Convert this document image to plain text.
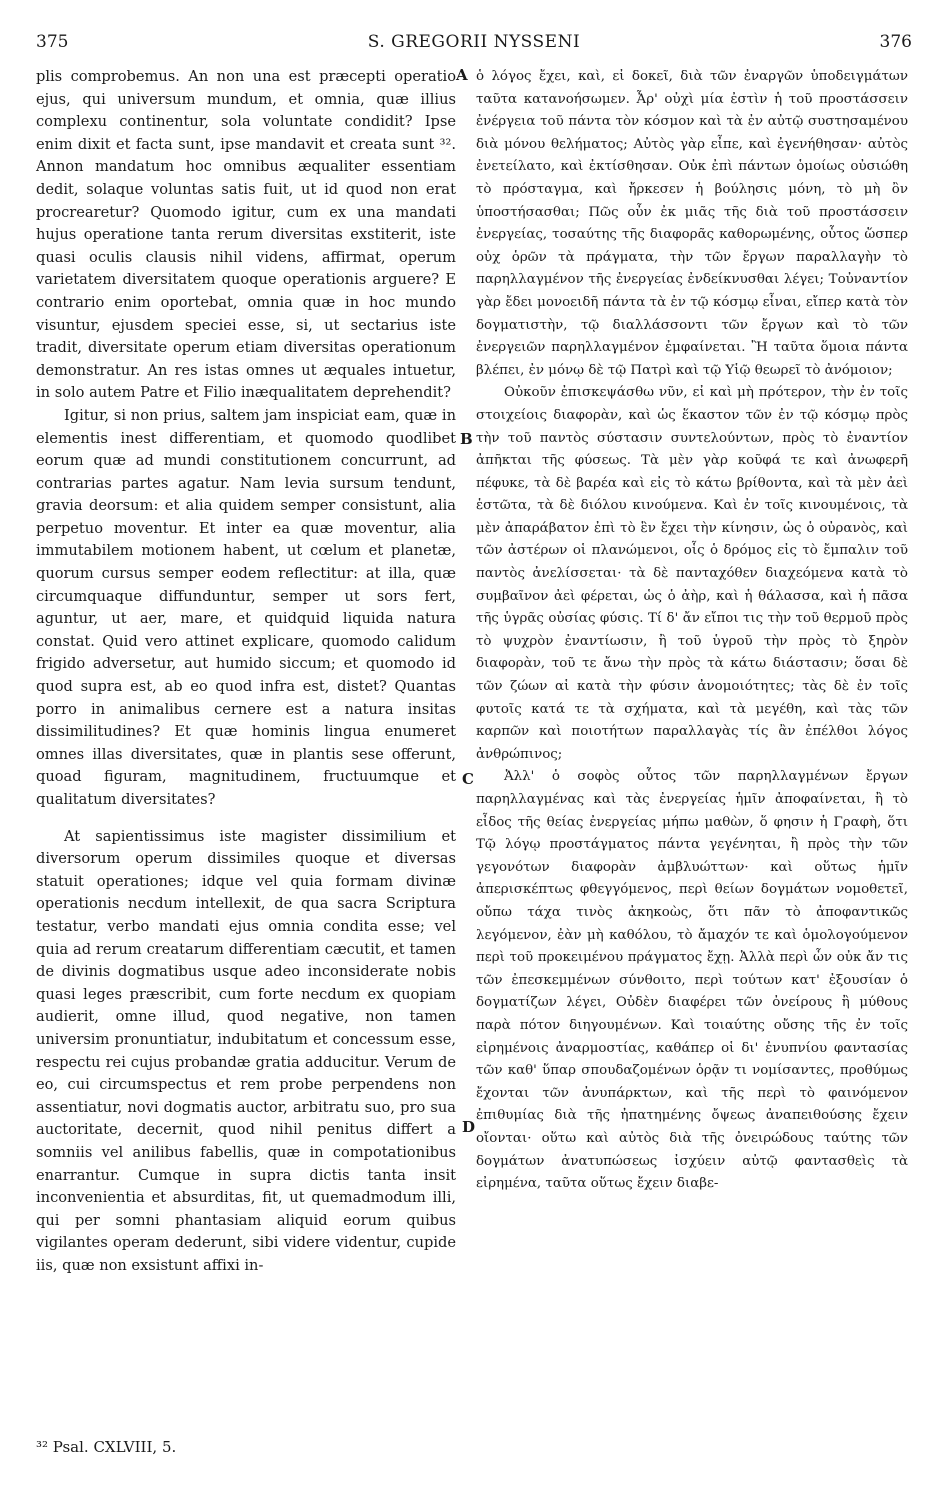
375	S. GREGORII NYSSENI	376

plis comprobemus. An non una est præcepti operatio ejus, qui universum mundum, et omnia, quæ illius complexu continentur, sola voluntate condidit? Ipse enim dixit et facta sunt, ipse mandavit et creata sunt ³². Annon mandatum hoc omnibus æqualiter essentiam dedit, solaque voluntas satis fuit, ut id quod non erat procrearetur? Quomodo igitur, cum ex una mandati hujus operatione tanta rerum diversitas exstiterit, iste quasi oculis clausis nihil videns, affirmat, operum varietatem diversitatem quoque operationis arguere? E contrario enim oportebat, omnia quæ in hoc mundo visuntur, ejusdem speciei esse, si, ut sectarius iste tradit, diversitate operum etiam diversitas operationum demonstratur. An res istas omnes ut æquales intuetur, in solo autem Patre et Filio inæqualitatem deprehendit?

Igitur, si non prius, saltem jam inspiciat eam, quæ in elementis inest differentiam, et quomodo quodlibet eorum quæ ad mundi constitutionem concurrunt, ad contrarias partes agatur. Nam levia sursum tendunt, gravia deorsum: et alia quidem semper consistunt, alia perpetuo moventur. Et inter ea quæ moventur, alia immutabilem motionem habent, ut cœlum et planetæ, quorum cursus semper eodem reflectitur: at illa, quæ circumquaque diffunduntur, semper ut sors fert, aguntur, ut aer, mare, et quidquid liquida natura constat. Quid vero attinet explicare, quomodo calidum frigido adversetur, aut humido siccum; et quomodo id quod supra est, ab eo quod infra est, distet? Quantas porro in animalibus cernere est a natura insitas dissimilitudines? Et quæ hominis lingua enumeret omnes illas diversitates, quæ in plantis sese offerunt, quoad figuram, magnitudinem, fructuumque et qualitatum diversitates?

At sapientissimus iste magister dissimilium et diversorum operum dissimiles quoque et diversas statuit operationes; idque vel quia formam divinæ operationis necdum intellexit, de qua sacra Scriptura testatur, verbo mandati ejus omnia condita esse; vel quia ad rerum creatarum differentiam cæcutit, et tamen de divinis dogmatibus usque adeo inconsiderate nobis quasi leges præscribit, cum forte necdum ex quopiam audierit, omne illud, quod negative, non tamen universim pronuntiatur, indubitatum et concessum esse, respectu rei cujus probandæ gratia adducitur. Verum de eo, cui circumspectus et rem probe perpendens non assentiatur, novi dogmatis auctor, arbitratu suo, pro sua auctoritate, decernit, quod nihil penitus differt a somniis vel anilibus fabellis, quæ in compotationibus enarrantur. Cumque in supra dictis tanta insit inconvenientia et absurditas, fit, ut quemadmodum illi, qui per somni phantasiam aliquid eorum quibus vigilantes operam dederunt, sibi videre videntur, cupide iis, quæ non exsistunt affixi in-

A
B
C
D

ὁ λόγος ἔχει, καὶ, εἰ δοκεῖ, διὰ τῶν ἐναργῶν ὑποδειγμάτων ταῦτα κατανοήσωμεν. Ἆρ' οὐχὶ μία ἐστὶν ἡ τοῦ προστάσσειν ἐνέργεια τοῦ πάντα τὸν κόσμον καὶ τὰ ἐν αὐτῷ συστησαμένου διὰ μόνου θελήματος; Αὐτὸς γὰρ εἶπε, καὶ ἐγενήθησαν· αὐτὸς ἐνετείλατο, καὶ ἐκτίσθησαν. Οὐκ ἐπὶ πάντων ὁμοίως οὐσιώθη τὸ πρόσταγμα, καὶ ἤρκεσεν ἡ βούλησις μόνη, τὸ μὴ ὂν ὑποστήσασθαι; Πῶς οὖν ἐκ μιᾶς τῆς διὰ τοῦ προστάσσειν ἐνεργείας, τοσαύτης τῆς διαφορᾶς καθορωμένης, οὗτος ὥσπερ οὐχ ὁρῶν τὰ πράγματα, τὴν τῶν ἔργων παραλλαγὴν τὸ παρηλλαγμένον τῆς ἐνεργείας ἐνδείκνυσθαι λέγει; Τοὐναντίον γὰρ ἔδει μονοειδῆ πάντα τὰ ἐν τῷ κόσμῳ εἶναι, εἴπερ κατὰ τὸν δογματιστὴν, τῷ διαλλάσσοντι τῶν ἔργων καὶ τὸ τῶν ἐνεργειῶν παρηλλαγμένον ἐμφαίνεται. Ἢ ταῦτα ὅμοια πάντα βλέπει, ἐν μόνῳ δὲ τῷ Πατρὶ καὶ τῷ Υἱῷ θεωρεῖ τὸ ἀνόμοιον;

Οὐκοῦν ἐπισκεψάσθω νῦν, εἰ καὶ μὴ πρότερον, τὴν ἐν τοῖς στοιχείοις διαφορὰν, καὶ ὡς ἕκαστον τῶν ἐν τῷ κόσμῳ πρὸς τὴν τοῦ παντὸς σύστασιν συντελούντων, πρὸς τὸ ἐναντίον ἀπῆκται τῆς φύσεως. Τὰ μὲν γὰρ κοῦφά τε καὶ ἀνωφερῆ πέφυκε, τὰ δὲ βαρέα καὶ εἰς τὸ κάτω βρίθοντα, καὶ τὰ μὲν ἀεὶ ἑστῶτα, τὰ δὲ διόλου κινούμενα. Καὶ ἐν τοῖς κινουμένοις, τὰ μὲν ἀπαράβατον ἐπὶ τὸ ἓν ἔχει τὴν κίνησιν, ὡς ὁ οὐρανὸς, καὶ τῶν ἀστέρων οἱ πλανώμενοι, οἷς ὁ δρόμος εἰς τὸ ἔμπαλιν τοῦ παντὸς ἀνελίσσεται· τὰ δὲ πανταχόθεν διαχεόμενα κατὰ τὸ συμβαῖνον ἀεὶ φέρεται, ὡς ὁ ἀὴρ, καὶ ἡ θάλασσα, καὶ ἡ πᾶσα τῆς ὑγρᾶς οὐσίας φύσις. Τί δ' ἄν εἴποι τις τὴν τοῦ θερμοῦ πρὸς τὸ ψυχρὸν ἐναντίωσιν, ἢ τοῦ ὑγροῦ τὴν πρὸς τὸ ξηρὸν διαφορὰν, τοῦ τε ἄνω τὴν πρὸς τὰ κάτω διάστασιν; ὅσαι δὲ τῶν ζώων αἱ κατὰ τὴν φύσιν ἀνομοιότητες; τὰς δὲ ἐν τοῖς φυτοῖς κατά τε τὰ σχήματα, καὶ τὰ μεγέθη, καὶ τὰς τῶν καρπῶν καὶ ποιοτήτων παραλλαγὰς τίς ἂν ἐπέλθοι λόγος ἀνθρώπινος;

Ἀλλ' ὁ σοφὸς οὗτος τῶν παρηλλαγμένων ἔργων παρηλλαγμένας καὶ τὰς ἐνεργείας ἡμῖν ἀποφαίνεται, ἢ τὸ εἶδος τῆς θείας ἐνεργείας μήπω μαθὼν, ὅ φησιν ἡ Γραφὴ, ὅτι Τῷ λόγῳ προστάγματος πάντα γεγένηται, ἢ πρὸς τὴν τῶν γεγονότων διαφορὰν ἀμβλυώττων· καὶ οὕτως ἡμῖν ἀπερισκέπτως φθεγγόμενος, περὶ θείων δογμάτων νομοθετεῖ, οὔπω τάχα τινὸς ἀκηκοὼς, ὅτι πᾶν τὸ ἀποφαντικῶς λεγόμενον, ἐὰν μὴ καθόλου, τὸ ἄμαχόν τε καὶ ὁμολογούμενον περὶ τοῦ προκειμένου πράγματος ἔχῃ. Ἀλλὰ περὶ ὧν οὐκ ἄν τις τῶν ἐπεσκεμμένων σύνθοιτο, περὶ τούτων κατ' ἐξουσίαν ὁ δογματίζων λέγει, Οὐδὲν διαφέρει τῶν ὀνείρους ἢ μύθους παρὰ πότον διηγουμένων. Καὶ τοιαύτης οὔσης τῆς ἐν τοῖς εἰρημένοις ἀναρμοστίας, καθάπερ οἱ δι' ἐνυπνίου φαντασίας τῶν καθ' ὕπαρ σπουδαζομένων ὁρᾷν τι νομίσαντες, προθύμως ἔχονται τῶν ἀνυπάρκτων, καὶ τῆς περὶ τὸ φαινόμενον ἐπιθυμίας διὰ τῆς ἠπατημένης ὄψεως ἀναπειθούσης ἔχειν οἴονται· οὕτω καὶ αὐτὸς διὰ τῆς ὀνειρώδους ταύτης τῶν δογμάτων ἀνατυπώσεως ἰσχύειν αὐτῷ φαντασθεὶς τὰ εἰρημένα, ταῦτα οὕτως ἔχειν διαβε-

³² Psal. CXLVIII, 5.
